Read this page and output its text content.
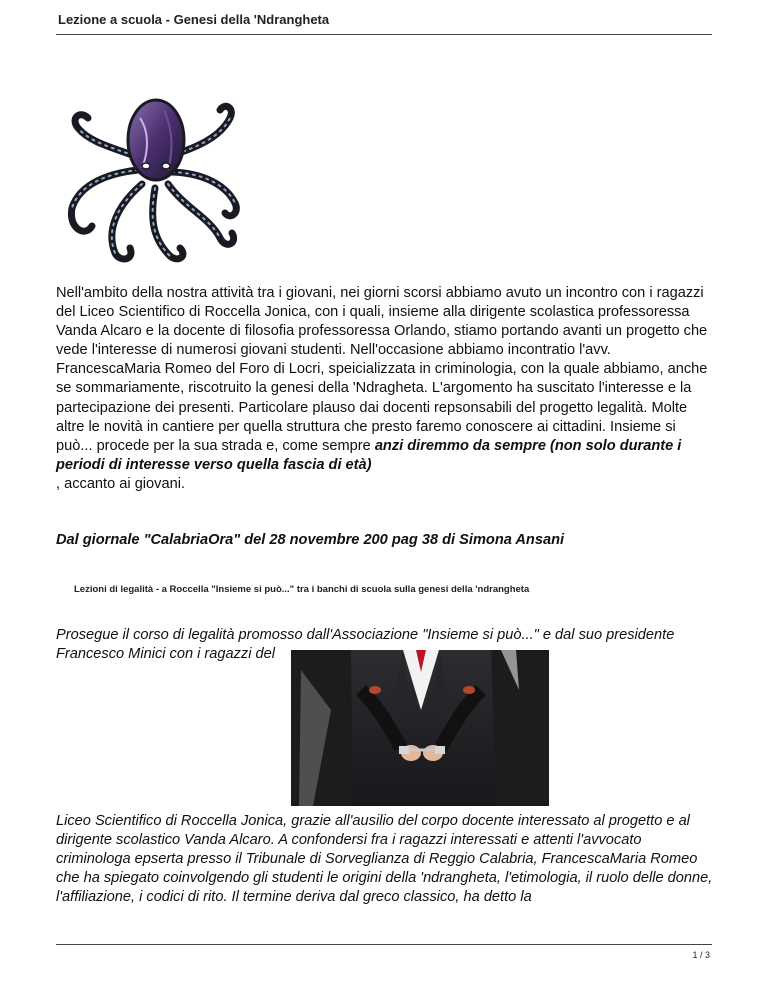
Lezione a scuola - Genesi della 'Ndrangheta
Nell'ambito della nostra attività tra i giovani, nei giorni scorsi abbiamo avuto un incontro con i ragazzi del Liceo Scientifico di Roccella Jonica, con i quali, insieme alla dirigente scolastica professoressa Vanda Alcaro e la docente di filosofia professoressa Orlando, stiamo portando avanti un progetto che vede l'interesse di numerosi giovani studenti. Nell'occasione abbiamo incontratio l'avv. FrancescaMaria Romeo del Foro di Locri, speicializzata in criminologia, con la quale abbiamo, anche se sommariamente, riscotruito la genesi della 'Ndragheta. L'argomento ha suscitato l'interesse e la partecipazione dei presenti. Particolare plauso dai docenti repsonsabili del progetto legalità. Molte altre le novità in cantiere per quella struttura che presto faremo conoscere ai cittadini. Insieme si può... procede per la sua strada e, come sempre anzi diremmo da sempre (non solo durante i periodi di interesse verso quella fascia di età)
, accanto ai giovani.
Dal giornale "CalabriaOra" del 28 novembre 200 pag 38 di Simona Ansani
Lezioni di legalità - a Roccella "Insieme si può..." tra i banchi di scuola sulla genesi della 'ndrangheta
Prosegue il corso di legalità promosso dall'Associazione "Insieme si può..." e dal suo presidente Francesco Minici con i ragazzi del
Liceo Scientifico di Roccella Jonica, grazie all'ausilio del corpo docente interessato al progetto e al dirigente scolastico Vanda Alcaro. A confondersi fra i ragazzi interessati e attenti l'avvocato criminologa epserta presso il Tribunale di Sorveglianza di Reggio Calabria, FrancescaMaria Romeo che ha spiegato coinvolgendo gli studenti le origini della 'ndrangheta, l'etimologia, il ruolo delle donne, l'affiliazione, i codici di rito. Il termine deriva dal greco classico, ha detto la
1 / 3
